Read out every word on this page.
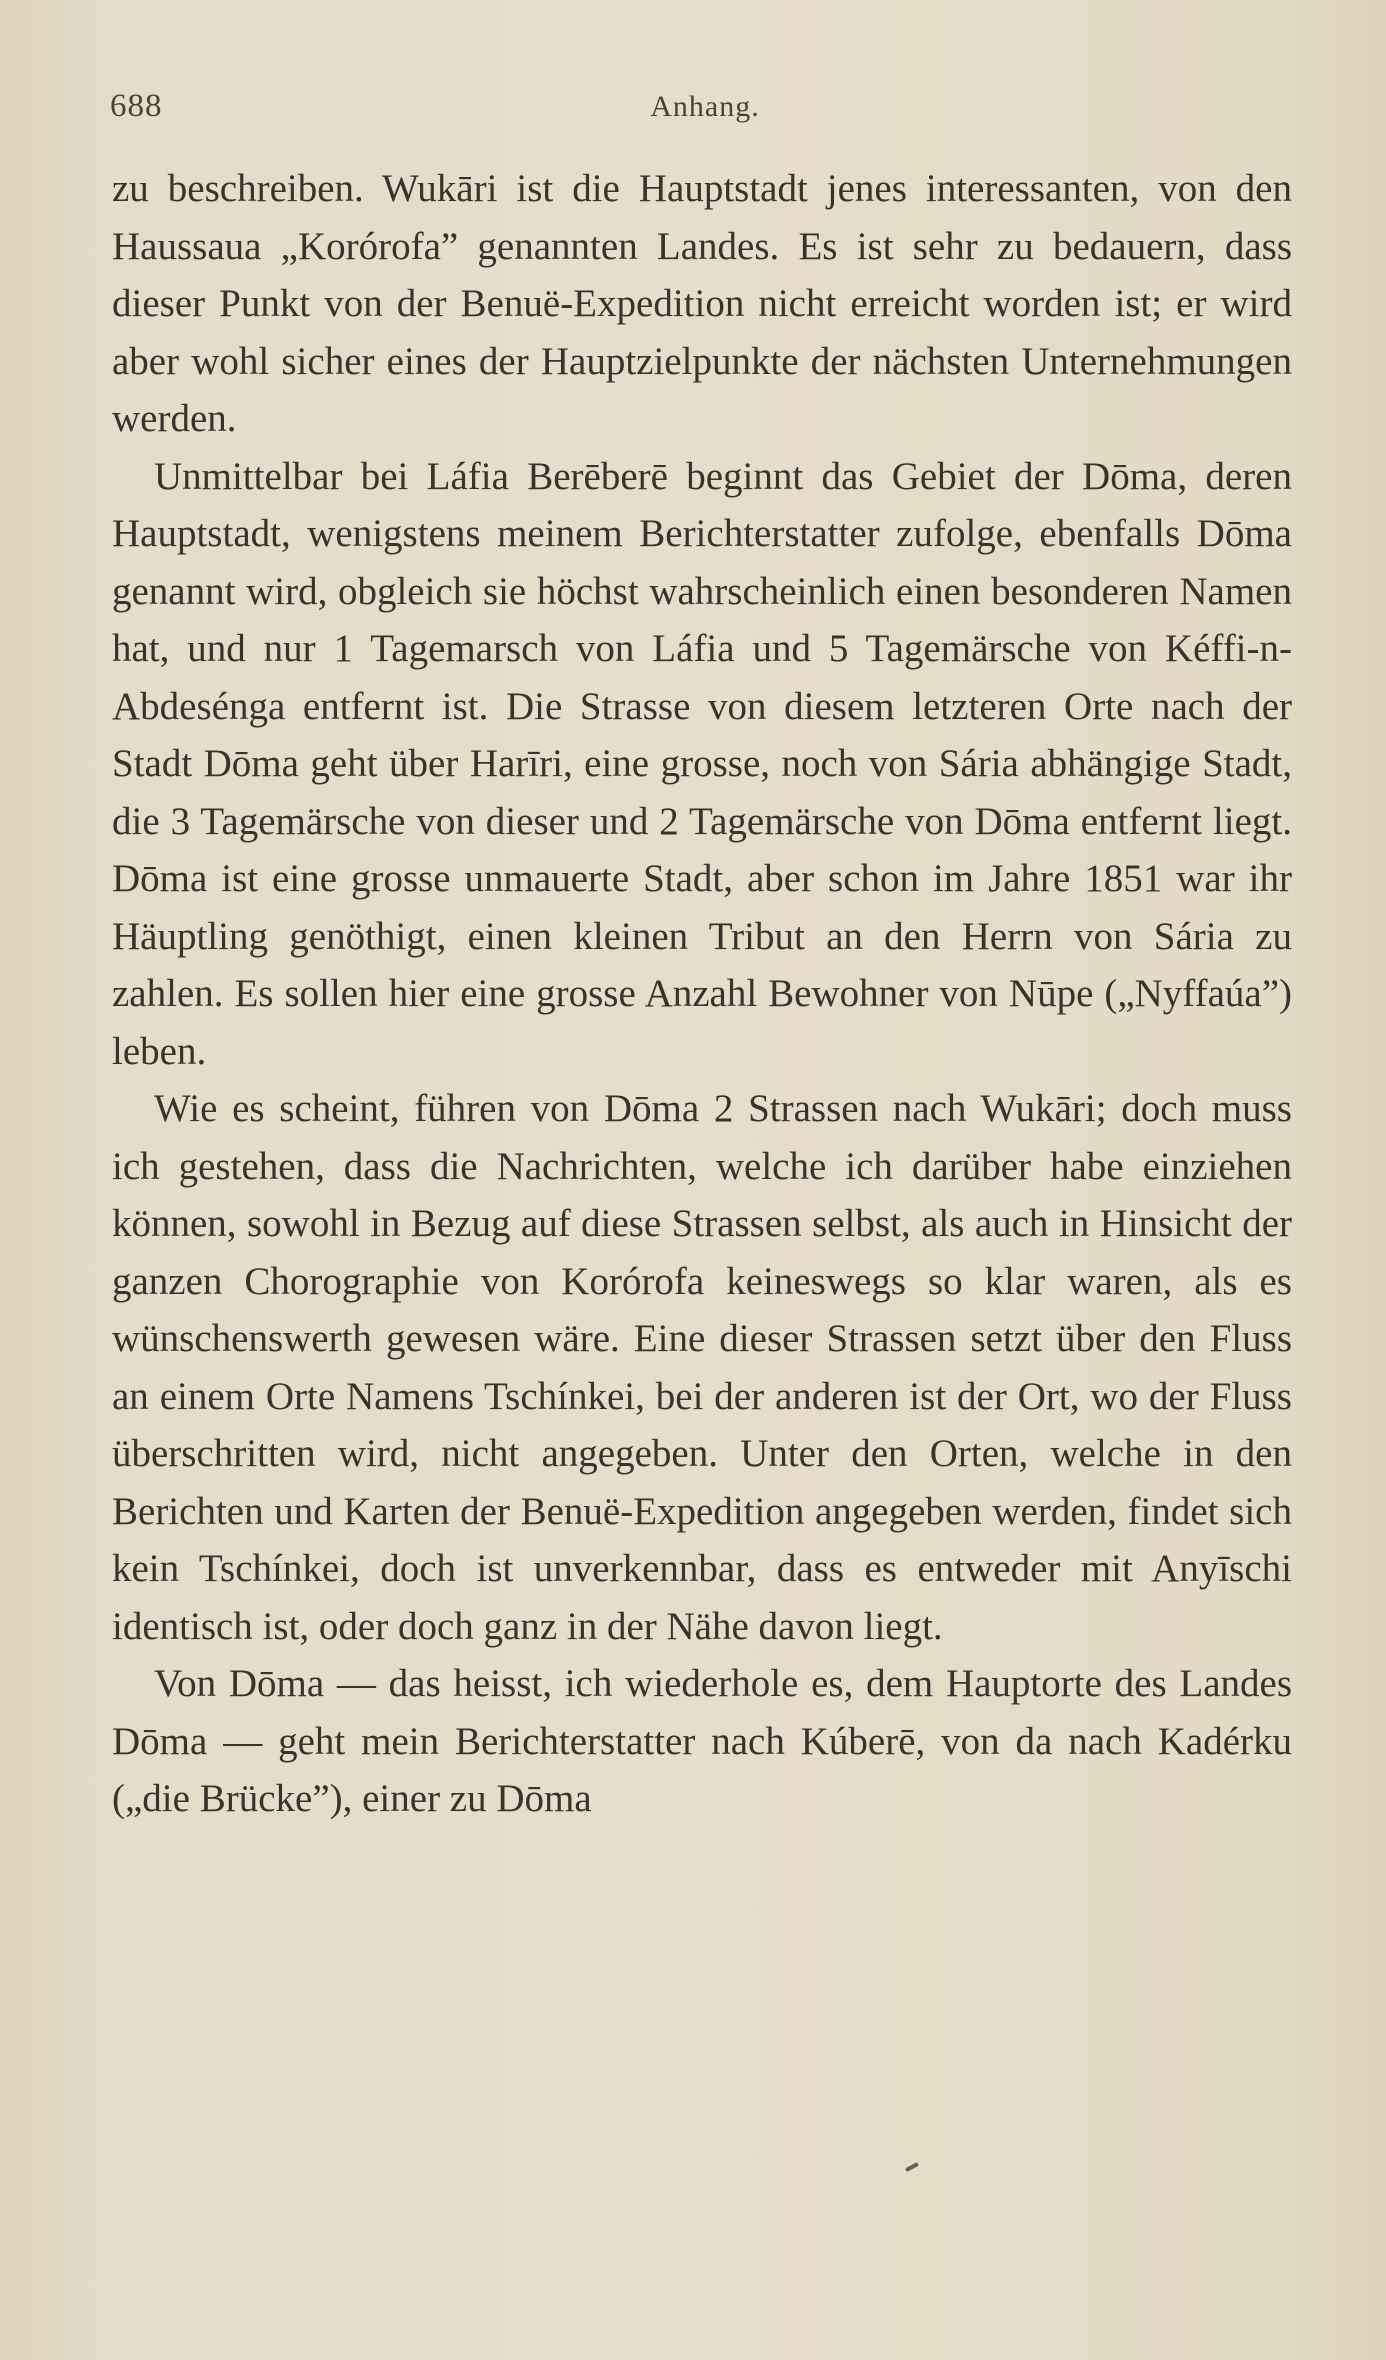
688	Anhang.

zu beschreiben. Wukāri ist die Hauptstadt jenes interessanten, von den Haussaua „Korórofa” genannten Landes. Es ist sehr zu bedauern, dass dieser Punkt von der Benuë-Expedition nicht erreicht worden ist; er wird aber wohl sicher eines der Hauptzielpunkte der nächsten Unternehmungen werden.

Unmittelbar bei Láfia Berēberē beginnt das Gebiet der Dōma, deren Hauptstadt, wenigstens meinem Berichterstatter zufolge, ebenfalls Dōma genannt wird, obgleich sie höchst wahrscheinlich einen besonderen Namen hat, und nur 1 Tagemarsch von Láfia und 5 Tagemärsche von Kéffi-n-Abdesénga entfernt ist. Die Strasse von diesem letzteren Orte nach der Stadt Dōma geht über Harīri, eine grosse, noch von Sária abhängige Stadt, die 3 Tagemärsche von dieser und 2 Tagemärsche von Dōma entfernt liegt. Dōma ist eine grosse unmauerte Stadt, aber schon im Jahre 1851 war ihr Häuptling genöthigt, einen kleinen Tribut an den Herrn von Sária zu zahlen. Es sollen hier eine grosse Anzahl Bewohner von Nūpe („Nyffaúa”) leben.

Wie es scheint, führen von Dōma 2 Strassen nach Wukāri; doch muss ich gestehen, dass die Nachrichten, welche ich darüber habe einziehen können, sowohl in Bezug auf diese Strassen selbst, als auch in Hinsicht der ganzen Chorographie von Korórofa keineswegs so klar waren, als es wünschenswerth gewesen wäre. Eine dieser Strassen setzt über den Fluss an einem Orte Namens Tschínkei, bei der anderen ist der Ort, wo der Fluss überschritten wird, nicht angegeben. Unter den Orten, welche in den Berichten und Karten der Benuë-Expedition angegeben werden, findet sich kein Tschínkei, doch ist unverkennbar, dass es entweder mit Anyīschi identisch ist, oder doch ganz in der Nähe davon liegt.

Von Dōma — das heisst, ich wiederhole es, dem Hauptorte des Landes Dōma — geht mein Berichterstatter nach Kúberē, von da nach Kadérku („die Brücke”), einer zu Dōma
